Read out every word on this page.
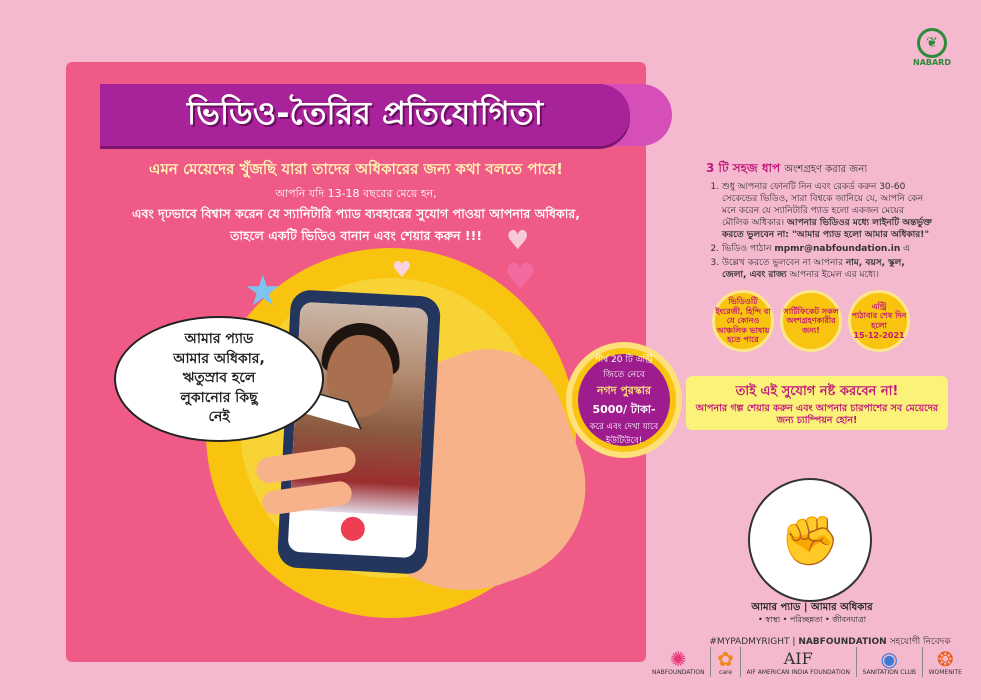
ভিডিও-তৈরির প্রতিযোগিতা
এমন মেয়েদের খুঁজছি যারা তাদের অধিকারের জন্য কথা বলতে পারে!
আপনি যদি 13-18 বছরের মেয়ে হন,
এবং দৃঢভাবে বিশ্বাস করেন যে স্যানিটারি প্যাড ব্যবহারের সুযোগ পাওয়া আপনার অধিকার,
তাহলে একটি ভিডিও বানান এবং শেয়ার করুন !!!
★	♥
♥
♥
আমার প্যাড
আমার অধিকার,
ঋতুস্রাব হলে
লুকানোর কিছু
নেই
শীর্ষ 20 টি এন্ট্রি
জিতে নেবে
নগদ পুরস্কার
5000/ টাকা-
করে এবং দেখা যাবে
ইউটিউবে!
❦
NABARD
3 টি সহজ ধাপ অংশগ্রহণ করার জন্য
1. শুধু আপনার ফোনটি নিন এবং রেকর্ড করুন 30-60 সেকেন্ডের ভিডিও, সারা বিশ্বকে জানিয়ে যে, আপনি কেন মনে করেন যে স্যানিটারি প্যাড হলো একজন মেয়ের মৌলিক অধিকার। আপনার ভিডিওর মধ্যে লাইনটি অন্তর্ভুক্ত করতে ভুলবেন না: "আমার প্যাড হলো আমার অধিকার!"
2. ভিডিও পাঠান mpmr@nabfoundation.in এ
3. উল্লেখ করতে ভুলবেন না আপনার নাম, বয়স, স্কুল, জেলা, এবং রাজ্য আপনার ইমেল এর মধ্যে।
ভিডিওটি ইংরেজী, হিন্দি বা যে কোনও আঞ্চলিক ভাষায় হতে পারে
সার্টিফিকেট সকল অংশগ্রহণকারীর জন্য!
এন্ট্রি
পাঠাবার শেষ দিন হলো
15-12-2021
তাই এই সুযোগ নষ্ট করবেন না!
আপনার গল্প শেয়ার করুন এবং আপনার চারপাশের সব মেয়েদের জন্য চ্যাম্পিয়ন হোন!
✊
আমার প্যাড | আমার অধিকার
• স্বাস্থ্য • পরিচ্ছন্নতা • জীবনযাত্রা
#MYPADMYRIGHT | NABFOUNDATION সহযোগী নিবেদক
✺
NABFOUNDATION
✿
care
AIF
AIF AMERICAN INDIA FOUNDATION
◉
SANITATION CLUB
❂
WOMENITE
